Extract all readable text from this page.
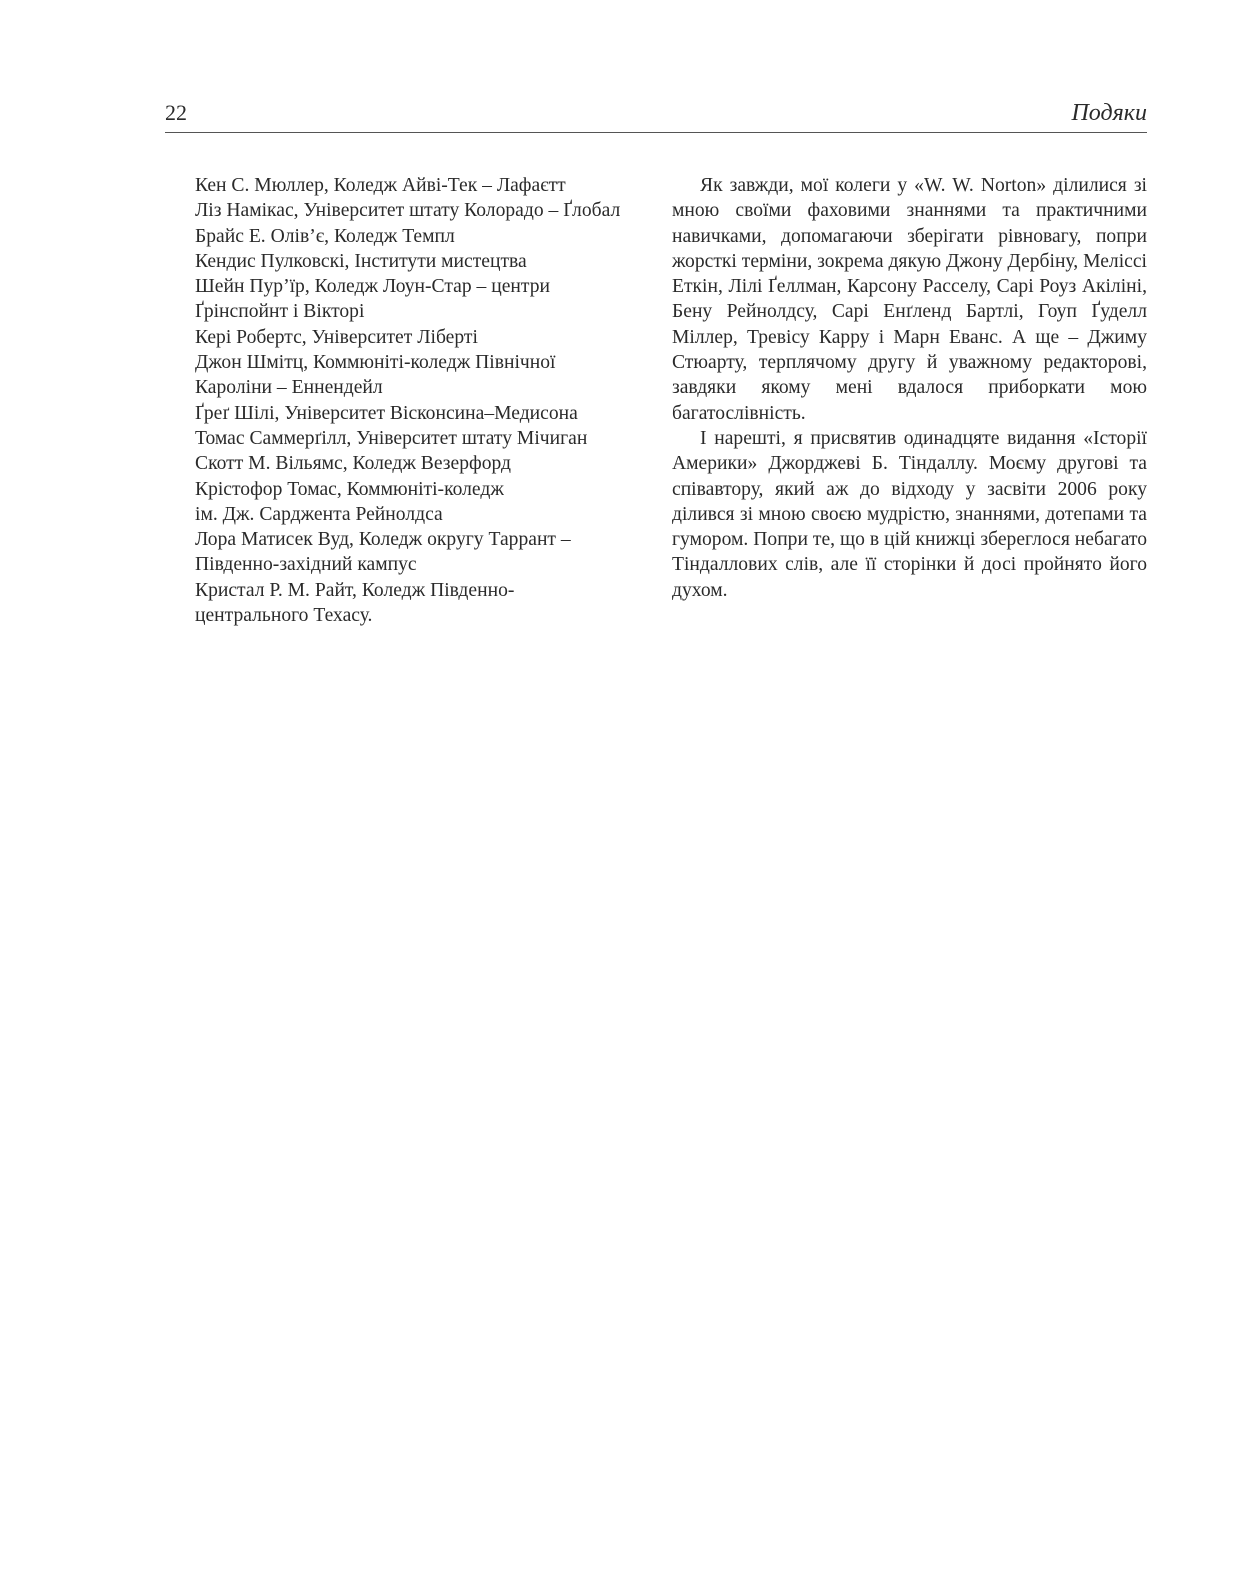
22	Подяки
Кен С. Мюллер, Коледж Айві-Тек – Лафаєтт
Ліз Намікас, Університет штату Колорадо – Ґлобал
Брайс Е. Олів’є, Коледж Темпл
Кендис Пулковскі, Інститути мистецтва
Шейн Пур’їр, Коледж Лоун-Стар – центри
Ґрінспойнт і Вікторі
Кері Робертс, Університет Ліберті
Джон Шмітц, Коммюніті-коледж Північної
Кароліни – Еннендейл
Ґреґ Шілі, Університет Вісконсина–Медисона
Томас Саммерґілл, Університет штату Мічиган
Скотт М. Вільямс, Коледж Везерфорд
Крістофор Томас, Коммюніті-коледж
ім. Дж. Сарджента Рейнолдса
Лора Матисек Вуд, Коледж округу Таррант –
Південно-західний кампус
Кристал Р. М. Райт, Коледж Південно-
центрального Техасу.

Як завжди, мої колеги у «W. W. Norton» ділилися зі мною своїми фаховими знаннями та практичними навичками, допомагаючи зберігати рівновагу, попри жорсткі терміни, зокрема дякую Джону Дербіну, Мелісcі Еткін, Лілі Ґеллман, Карсону Расселу, Сарі Роуз Акіліні, Бену Рейнолдсу, Сарі Енґленд Бартлі, Гоуп Ґуделл Міллер, Тревісу Карру і Марн Еванс. А ще – Джиму Стюарту, терплячому другу й уважному редакторові, завдяки якому мені вдалося приборкати мою багатослівність.

І нарешті, я присвятив одинадцяте видання «Історії Америки» Джорджеві Б. Тіндаллу. Моєму другові та співавтору, який аж до відходу у засвіти 2006 року ділився зі мною своєю мудрістю, знаннями, дотепами та гумором. Попри те, що в цій книжці збереглося небагато Тіндаллових слів, але її сторінки й досі пройнято його духом.
